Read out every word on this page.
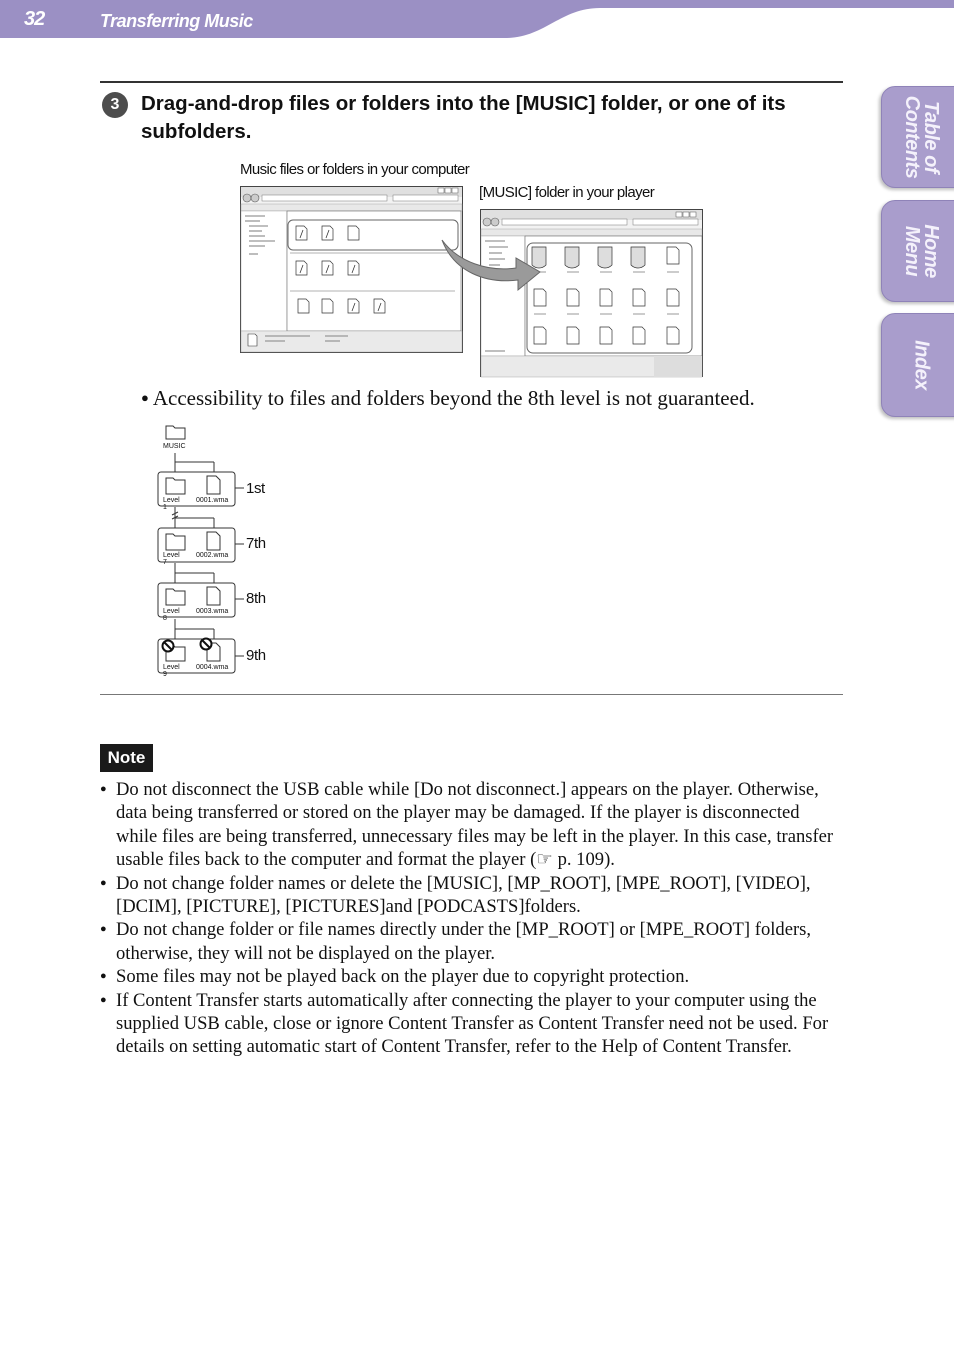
32	Transferring Music
Table of
Contents
Home
Menu
Index
3	Drag-and-drop files or folders into the [MUSIC] folder, or one of its subfolders.
Music files or folders in your computer
[MUSIC] folder in your player
● Accessibility to files and folders beyond the 8th level is not guaranteed.
MUSIC
Level 1
0001.wma
1st
Level 7
0002.wma
7th
Level 8
0003.wma
8th
Level 9
0004.wma
9th
Note
● Do not disconnect the USB cable while [Do not disconnect.] appears on the player. Otherwise, data being transferred or stored on the player may be damaged. If the player is disconnected while files are being transferred, unnecessary files may be left in the player. In this case, transfer usable files back to the computer and format the player (☞ p. 109).
● Do not change folder names or delete the [MUSIC], [MP_ROOT], [MPE_ROOT], [VIDEO], [DCIM], [PICTURE], [PICTURES]and [PODCASTS]folders.
● Do not change folder or file names directly under the [MP_ROOT] or [MPE_ROOT] folders, otherwise, they will not be displayed on the player.
● Some files may not be played back on the player due to copyright protection.
● If Content Transfer starts automatically after connecting the player to your computer using the supplied USB cable, close or ignore Content Transfer as Content Transfer need not be used. For details on setting automatic start of Content Transfer, refer to the Help of Content Transfer.
